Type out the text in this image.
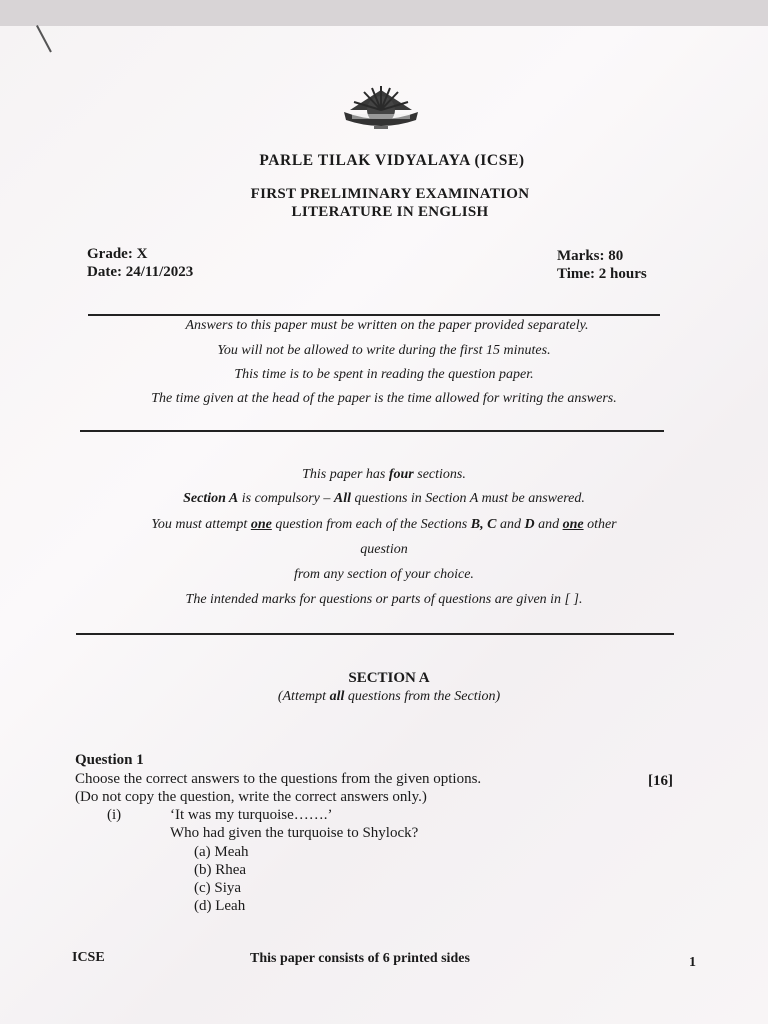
PARLE TILAK VIDYALAYA (ICSE)
FIRST PRELIMINARY EXAMINATION
LITERATURE IN ENGLISH
Grade: X
Date: 24/11/2023
Marks: 80
Time: 2 hours
Answers to this paper must be written on the paper provided separately.
You will not be allowed to write during the first 15 minutes.
This time is to be spent in reading the question paper.
The time given at the head of the paper is the time allowed for writing the answers.
This paper has four sections.
Section A is compulsory – All questions in Section A must be answered.
You must attempt one question from each of the Sections B, C and D and one other
question
from any section of your choice.
The intended marks for questions or parts of questions are given in [ ].
SECTION A
(Attempt all questions from the Section)
Question 1
Choose the correct answers to the questions from the given options.	[16]
(Do not copy the question, write the correct answers only.)
(i)	‘It was my turquoise…….’
Who had given the turquoise to Shylock?
(a) Meah
(b) Rhea
(c) Siya
(d) Leah
ICSE	This paper consists of 6 printed sides	1
